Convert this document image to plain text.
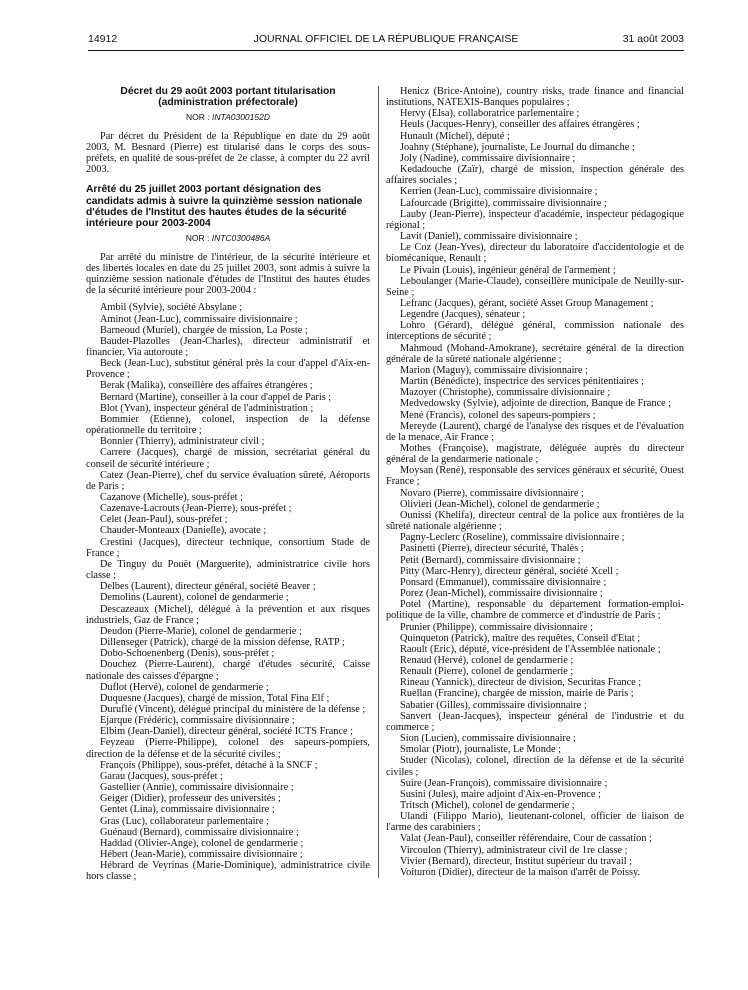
14912	JOURNAL OFFICIEL DE LA RÉPUBLIQUE FRANÇAISE	31 août 2003

Décret du 29 août 2003 portant titularisation (administration préfectorale)

NOR : INTA0300152D

Par décret du Président de la République en date du 29 août 2003, M. Besnard (Pierre) est titularisé dans le corps des sous-préfets, en qualité de sous-préfet de 2e classe, à compter du 22 avril 2003.

Arrêté du 25 juillet 2003 portant désignation des candidats admis à suivre la quinzième session nationale d'études de l'Institut des hautes études de la sécurité intérieure pour 2003-2004

NOR : INTC0300486A

Par arrêté du ministre de l'intérieur, de la sécurité intérieure et des libertés locales en date du 25 juillet 2003, sont admis à suivre la quinzième session nationale d'études de l'Institut des hautes études de la sécurité intérieure pour 2003-2004 :

Ambil (Sylvie), société Absylane ;

Aminot (Jean-Luc), commissaire divisionnaire ;

Barneoud (Muriel), chargée de mission, La Poste ;

Baudet-Plazolles (Jean-Charles), directeur administratif et financier, Via autoroute ;

Beck (Jean-Luc), substitut général près la cour d'appel d'Aix-en-Provence ;

Berak (Malika), conseillère des affaires étrangères ;

Bernard (Martine), conseiller à la cour d'appel de Paris ;

Blot (Yvan), inspecteur général de l'administration ;

Bommier (Etienne), colonel, inspection de la défense opérationnelle du territoire ;

Bonnier (Thierry), administrateur civil ;

Carrere (Jacques), chargé de mission, secrétariat général du conseil de sécurité intérieure ;

Catez (Jean-Pierre), chef du service évaluation sûreté, Aéroports de Paris ;

Cazanove (Michelle), sous-préfet ;

Cazenave-Lacrouts (Jean-Pierre), sous-préfet ;

Celet (Jean-Paul), sous-préfet ;

Chauder-Monteaux (Danielle), avocate ;

Crestini (Jacques), directeur technique, consortium Stade de France ;

De Tinguy du Pouët (Marguerite), administratrice civile hors classe ;

Delbes (Laurent), directeur général, société Beaver ;

Demolins (Laurent), colonel de gendarmerie ;

Descazeaux (Michel), délégué à la prévention et aux risques industriels, Gaz de France ;

Deudon (Pierre-Marie), colonel de gendarmerie ;

Dillenseger (Patrick), chargé de la mission défense, RATP ;

Dobo-Schoenenberg (Denis), sous-préfet ;

Douchez (Pierre-Laurent), chargé d'études sécurité, Caisse nationale des caisses d'épargne ;

Duflot (Hervé), colonel de gendarmerie ;

Duquesne (Jacques), chargé de mission, Total Fina Elf ;

Duruflé (Vincent), délégué principal du ministère de la défense ;

Ejarque (Frédéric), commissaire divisionnaire ;

Elbim (Jean-Daniel), directeur général, société ICTS France ;

Feyzeau (Pierre-Philippe), colonel des sapeurs-pompiers, direction de la défense et de la sécurité civiles ;

François (Philippe), sous-préfet, détaché à la SNCF ;

Garau (Jacques), sous-préfet ;

Gastellier (Annie), commissaire divisionnaire ;

Geiger (Didier), professeur des universités ;

Gentet (Lina), commissaire divisionnaire ;

Gras (Luc), collaborateur parlementaire ;

Guénaud (Bernard), commissaire divisionnaire ;

Haddad (Olivier-Ange), colonel de gendarmerie ;

Hébert (Jean-Marie), commissaire divisionnaire ;

Hébrard de Veyrinas (Marie-Dominique), administratrice civile hors classe ;

Henicz (Brice-Antoine), country risks, trade finance and financial institutions, NATEXIS-Banques populaires ;

Hervy (Elsa), collaboratrice parlementaire ;

Heuls (Jacques-Henry), conseiller des affaires étrangères ;

Hunault (Michel), député ;

Joahny (Stéphane), journaliste, Le Journal du dimanche ;

Joly (Nadine), commissaire divisionnaire ;

Kedadouche (Zaïr), chargé de mission, inspection générale des affaires sociales ;

Kerrien (Jean-Luc), commissaire divisionnaire ;

Lafourcade (Brigitte), commissaire divisionnaire ;

Lauby (Jean-Pierre), inspecteur d'académie, inspecteur pédagogique régional ;

Lavit (Daniel), commissaire divisionnaire ;

Le Coz (Jean-Yves), directeur du laboratoire d'accidentologie et de biomécanique, Renault ;

Le Pivain (Louis), ingénieur général de l'armement ;

Leboulanger (Marie-Claude), conseillère municipale de Neuilly-sur-Seine ;

Lefranc (Jacques), gérant, société Asset Group Management ;

Legendre (Jacques), sénateur ;

Lohro (Gérard), délégué général, commission nationale des interceptions de sécurité ;

Mahmoud (Mohand-Amokrane), secrétaire général de la direction générale de la sûreté nationale algérienne ;

Marion (Maguy), commissaire divisionnaire ;

Martin (Bénédicte), inspectrice des services pénitentiaires ;

Mazoyer (Christophe), commissaire divisionnaire ;

Medvedowsky (Sylvie), adjointe de direction, Banque de France ;

Mené (Francis), colonel des sapeurs-pompiers ;

Mereyde (Laurent), chargé de l'analyse des risques et de l'évaluation de la menace, Air France ;

Mothes (Françoise), magistrate, déléguée auprès du directeur général de la gendarmerie nationale ;

Moysan (René), responsable des services généraux et sécurité, Ouest France ;

Novaro (Pierre), commissaire divisionnaire ;

Olivieri (Jean-Michel), colonel de gendarmerie ;

Ounissi (Khelifa), directeur central de la police aux frontières de la sûreté nationale algérienne ;

Pagny-Leclerc (Roseline), commissaire divisionnaire ;

Pasinetti (Pierre), directeur sécurité, Thalès ;

Petit (Bernard), commissaire divisionnaire ;

Pitty (Marc-Henry), directeur général, société Xcell ;

Ponsard (Emmanuel), commissaire divisionnaire ;

Porez (Jean-Michel), commissaire divisionnaire ;

Potel (Martine), responsable du département formation-emploi-politique de la ville, chambre de commerce et d'industrie de Paris ;

Prunier (Philippe), commissaire divisionnaire ;

Quinqueton (Patrick), maître des requêtes, Conseil d'Etat ;

Raoult (Eric), député, vice-président de l'Assemblée nationale ;

Renaud (Hervé), colonel de gendarmerie ;

Renault (Pierre), colonel de gendarmerie ;

Rineau (Yannick), directeur de division, Securitas France ;

Ruellan (Francine), chargée de mission, mairie de Paris ;

Sabatier (Gilles), commissaire divisionnaire ;

Sanvert (Jean-Jacques), inspecteur général de l'industrie et du commerce ;

Sion (Lucien), commissaire divisionnaire ;

Smolar (Piotr), journaliste, Le Monde ;

Studer (Nicolas), colonel, direction de la défense et de la sécurité civiles ;

Suire (Jean-François), commissaire divisionnaire ;

Susini (Jules), maire adjoint d'Aix-en-Provence ;

Tritsch (Michel), colonel de gendarmerie ;

Ulandi (Filippo Mario), lieutenant-colonel, officier de liaison de l'arme des carabiniers ;

Valat (Jean-Paul), conseiller référendaire, Cour de cassation ;

Vircoulon (Thierry), administrateur civil de 1re classe ;

Vivier (Bernard), directeur, Institut supérieur du travail ;

Voituron (Didier), directeur de la maison d'arrêt de Poissy.
